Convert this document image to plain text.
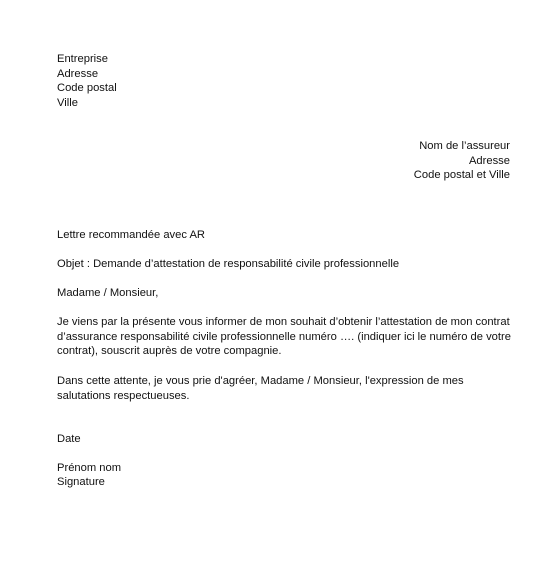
Entreprise
Adresse
Code postal
Ville
Nom de l’assureur
Adresse
Code postal et Ville
Lettre recommandée avec AR
Objet : Demande d’attestation de responsabilité civile professionnelle
Madame / Monsieur,
Je viens par la présente vous informer de mon souhait d’obtenir l’attestation de mon contrat
d’assurance responsabilité civile professionnelle numéro …. (indiquer ici le numéro de votre
contrat), souscrit auprès de votre compagnie.
Dans cette attente, je vous prie d'agréer, Madame / Monsieur, l'expression de mes
salutations respectueuses.
Date
Prénom nom
Signature
